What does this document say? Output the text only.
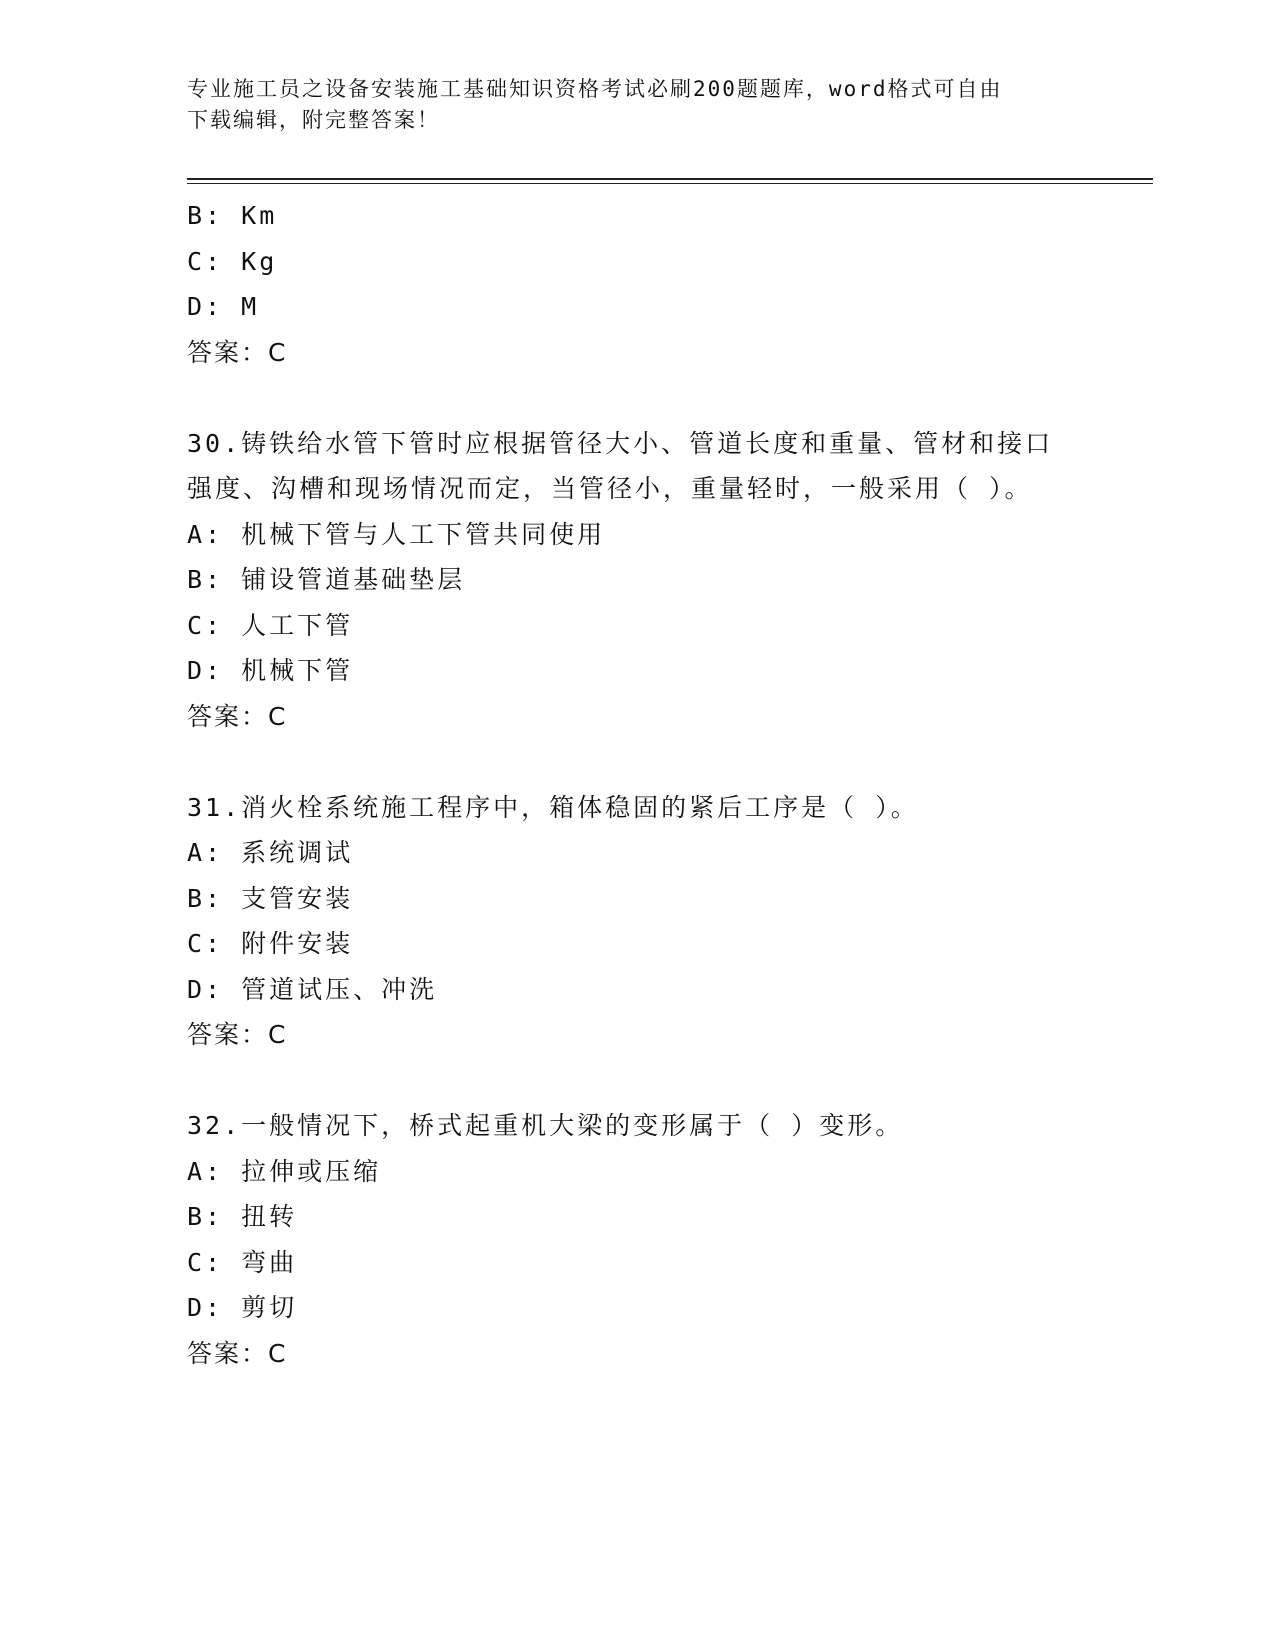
专业施工员之设备安装施工基础知识资格考试必刷200题题库，word格式可自由
下载编辑，附完整答案！
B: Km
C: Kg
D: M
答案：C
30.铸铁给水管下管时应根据管径大小、管道长度和重量、管材和接口
强度、沟槽和现场情况而定，当管径小，重量轻时，一般采用（ ）。
A: 机械下管与人工下管共同使用
B: 铺设管道基础垫层
C: 人工下管
D: 机械下管
答案：C
31.消火栓系统施工程序中，箱体稳固的紧后工序是（ ）。
A: 系统调试
B: 支管安装
C: 附件安装
D: 管道试压、冲洗
答案：C
32.一般情况下，桥式起重机大梁的变形属于（ ）变形。
A: 拉伸或压缩
B: 扭转
C: 弯曲
D: 剪切
答案：C
